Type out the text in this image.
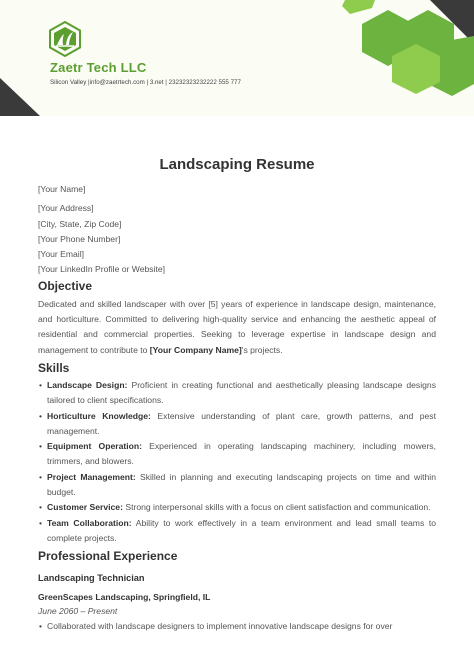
Zaetr Tech LLC
Silicon Valley |info@zaetrtech.com | 3.net | 23232323232222 555 777
Landscaping Resume
[Your Name]
[Your Address]
[City, State, Zip Code]
[Your Phone Number]
[Your Email]
[Your LinkedIn Profile or Website]
Objective
Dedicated and skilled landscaper with over [5] years of experience in landscape design, maintenance, and horticulture. Committed to delivering high-quality service and enhancing the aesthetic appeal of residential and commercial properties. Seeking to leverage expertise in landscape design and management to contribute to [Your Company Name]'s projects.
Skills
• Landscape Design: Proficient in creating functional and aesthetically pleasing landscape designs tailored to client specifications.
• Horticulture Knowledge: Extensive understanding of plant care, growth patterns, and pest management.
• Equipment Operation: Experienced in operating landscaping machinery, including mowers, trimmers, and blowers.
• Project Management: Skilled in planning and executing landscaping projects on time and within budget.
• Customer Service: Strong interpersonal skills with a focus on client satisfaction and communication.
• Team Collaboration: Ability to work effectively in a team environment and lead small teams to complete projects.
Professional Experience
Landscaping Technician
GreenScapes Landscaping, Springfield, IL
June 2060 – Present
• Collaborated with landscape designers to implement innovative landscape designs for over
